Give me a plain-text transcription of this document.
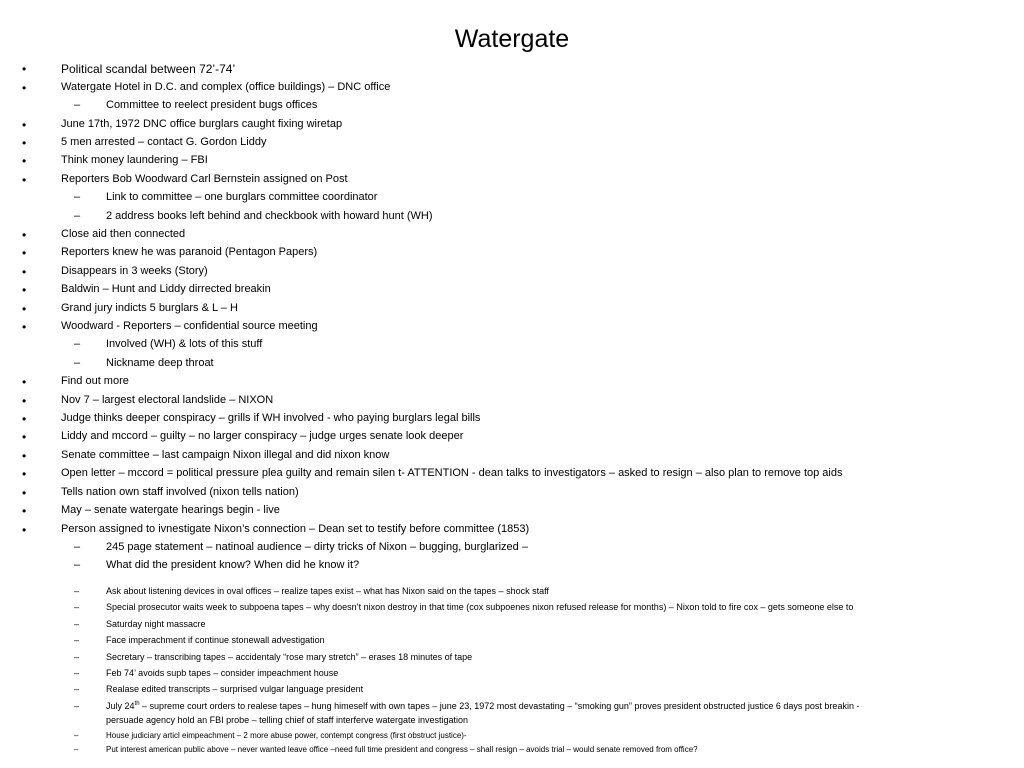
Watergate
•	Political scandal between 72’-74’
•	Watergate Hotel in D.C. and complex (office buildings) – DNC office
– Committee to reelect president bugs offices
•	June 17th, 1972 DNC office burglars caught fixing wiretap
•	5 men arrested – contact G. Gordon Liddy
•	Think money laundering – FBI
•	Reporters Bob Woodward Carl Bernstein assigned on Post
– Link to committee – one burglars committee coordinator
– 2 address books left behind and checkbook with howard hunt (WH)
•	Close aid then connected
•	Reporters knew he was paranoid (Pentagon Papers)
•	Disappears in 3 weeks (Story)
•	Baldwin – Hunt and Liddy dirrected breakin
•	Grand jury indicts 5 burglars & L – H
•	Woodward - Reporters – confidential source meeting
– Involved (WH) & lots of this stuff
– Nickname deep throat
•	Find out more
•	Nov 7 – largest electoral landslide – NIXON
•	Judge thinks deeper conspiracy – grills if WH involved - who paying burglars legal bills
•	Liddy and mccord – guilty – no larger conspiracy – judge urges senate look deeper
•	Senate committee – last campaign Nixon illegal and did nixon know
•	Open letter – mccord = political pressure plea guilty and remain silen t- ATTENTION - dean talks to investigators – asked to resign – also plan to remove top aids
•	Tells nation own staff involved (nixon tells nation)
•	May – senate watergate hearings begin - live
•	Person assigned to ivnestigate Nixon’s connection – Dean set to testify before committee (1853)
– 245 page statement – natinoal audience – dirty tricks of Nixon – bugging, burglarized –
– What did the president know? When did he know it?
–	Ask about listening devices in oval offices – realize tapes exist – what has Nixon said on the tapes – shock staff
–	Special prosecutor waits week to subpoena tapes – why doesn’t nixon destroy in that time (cox subpoenes nixon refused release for months) – Nixon told to fire cox – gets someone else to
–	Saturday night massacre
–	Face imperachment if continue stonewall advestigation
–	Secretary – transcribing tapes – accidentaly “rose mary stretch” – erases 18 minutes of tape
–	Feb 74’ avoids supb tapes – consider impeachment house
–	Realase edited transcripts – surprised vulgar language president
–	July 24th – supreme court orders to realese tapes – hung himeself with own tapes – june 23, 1972 most devastating – “smoking gun” proves president obstructed justice 6 days post breakin -
persuade agency hold an FBI probe – telling chief of staff interferve watergate investigation
–	House judiciary articl eimpeachment – 2 more abuse power, contempt congress (first obstruct justice)-
–	Put interest american public above – never wanted leave office –need full time president and congress – shall resign – avoids trial – would senate removed from office?
